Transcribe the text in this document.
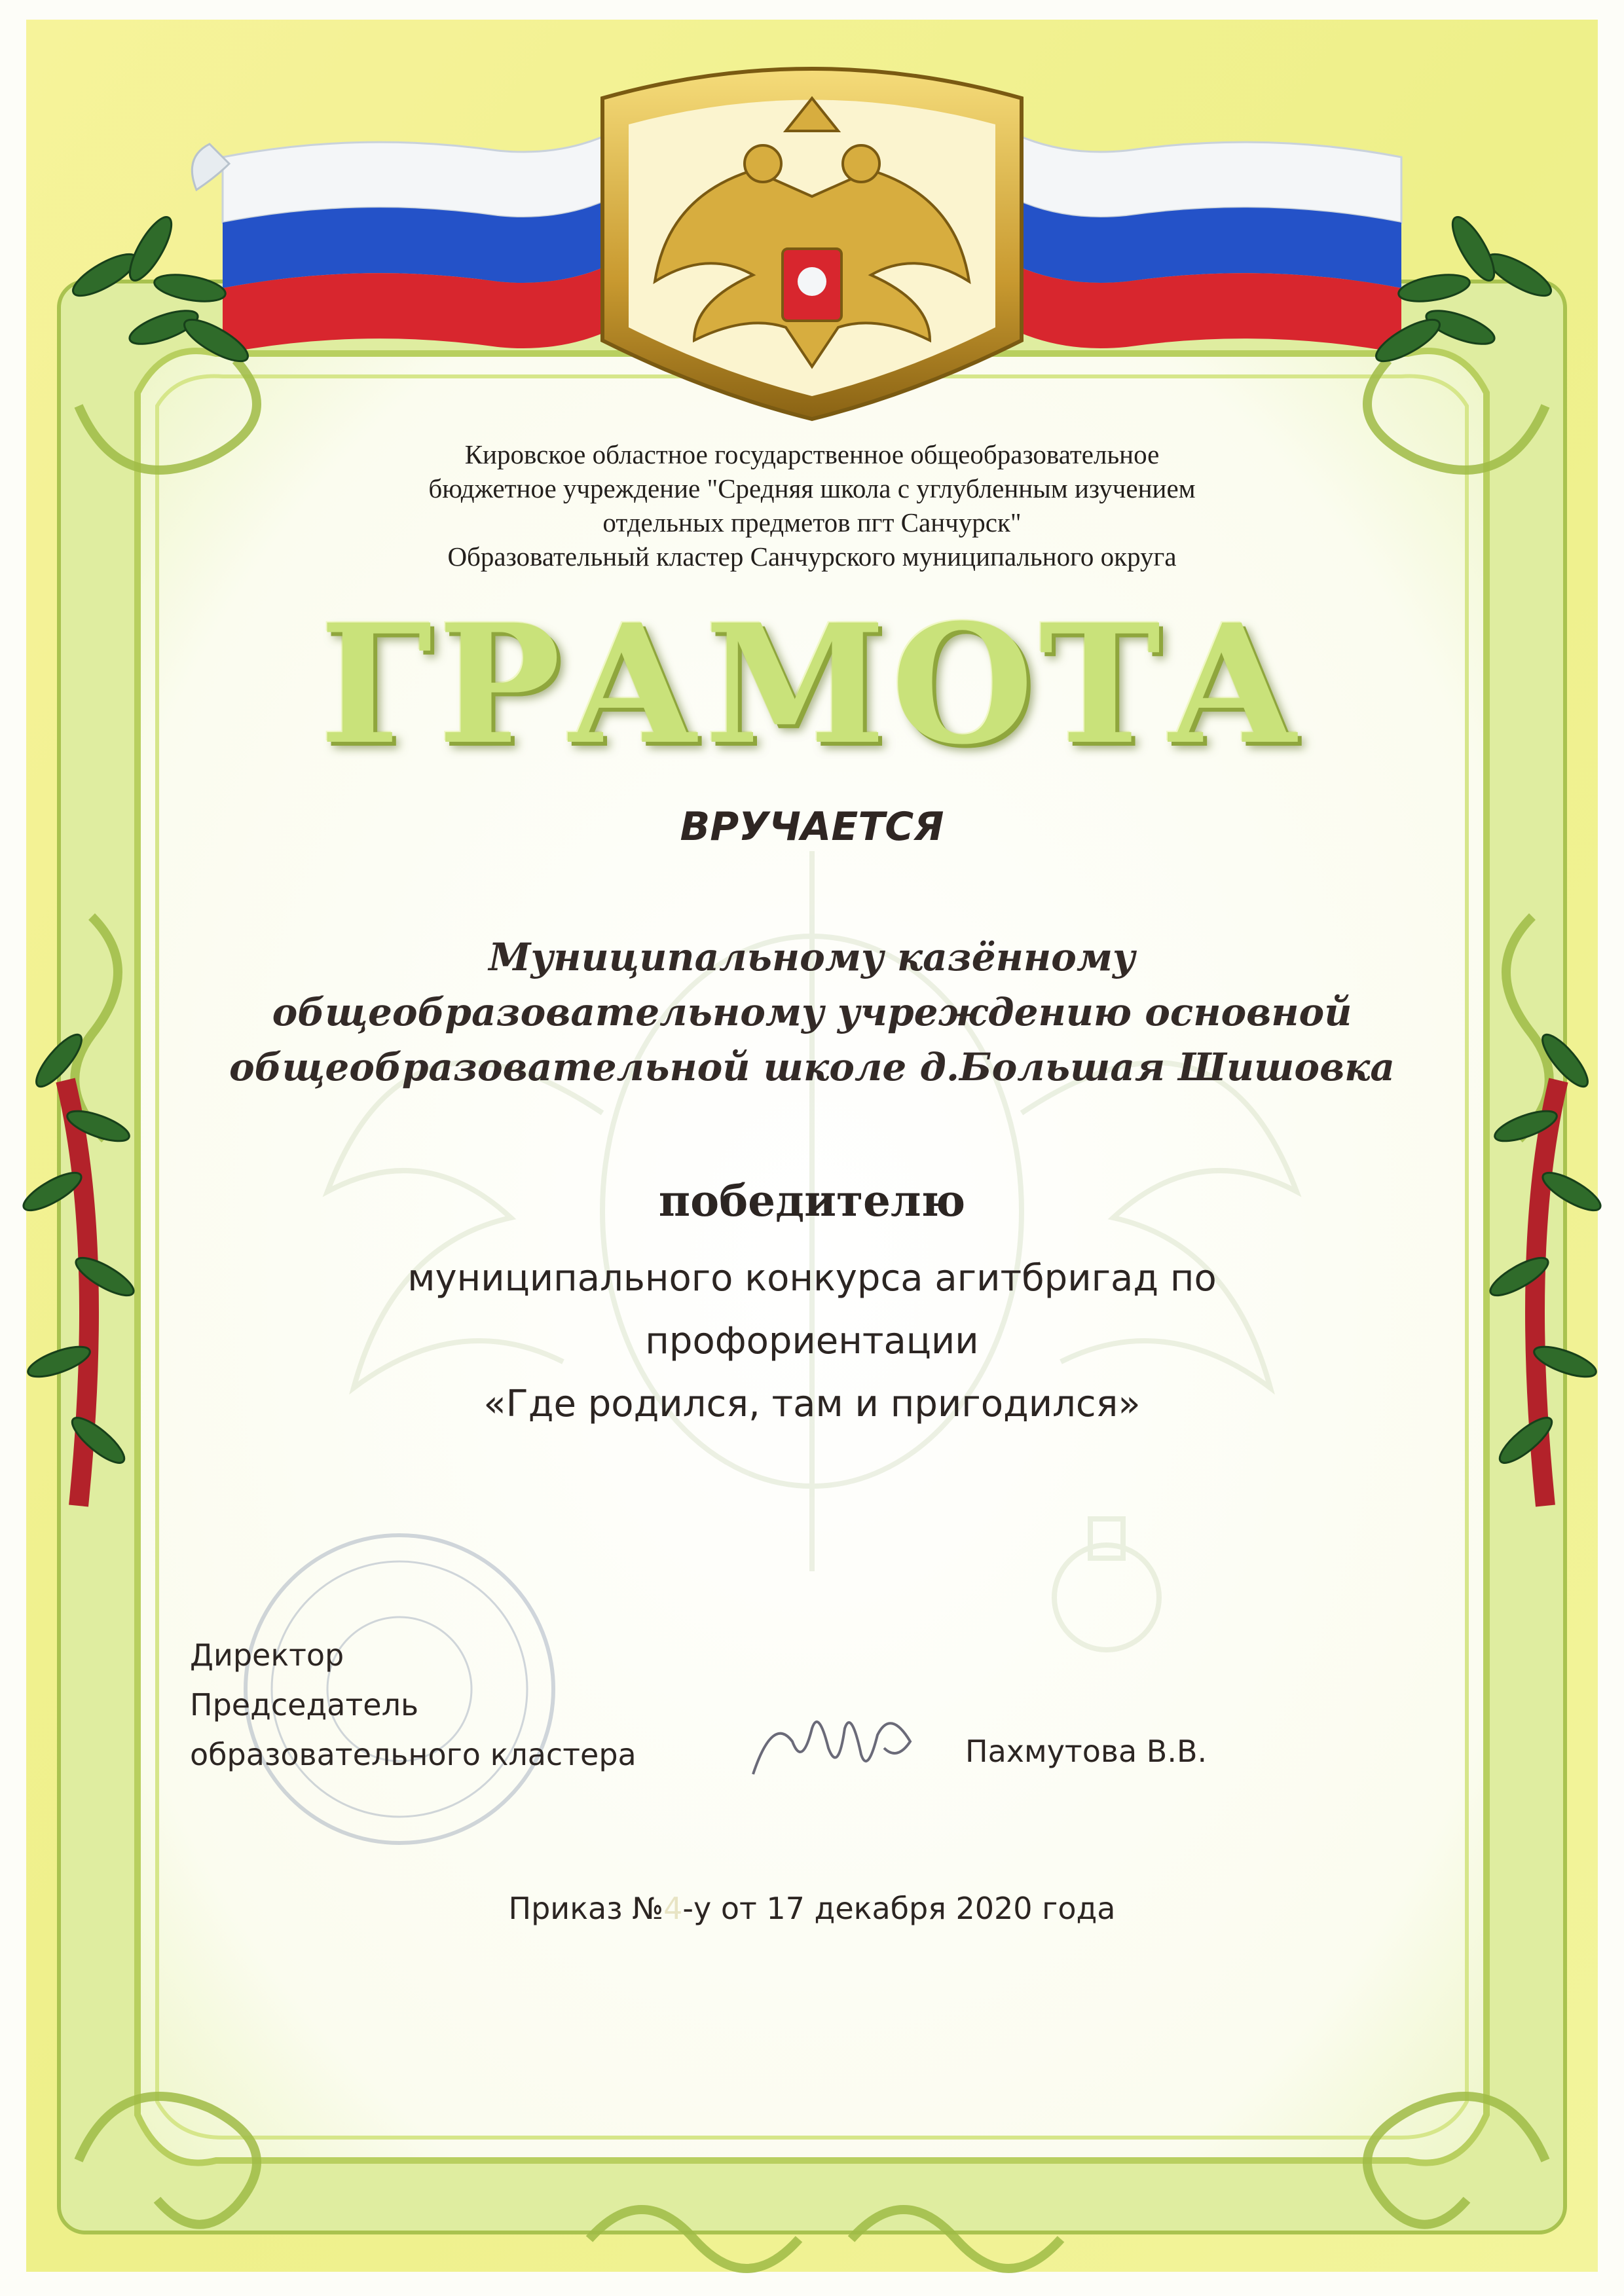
Кировское областное государственное общеобразовательное
бюджетное учреждение "Средняя школа с углубленным изучением
отдельных предметов пгт Санчурск"
Образовательный кластер Санчурского муниципального округа
ГРАМОТА
ВРУЧАЕТСЯ
Муниципальному казённому
общеобразовательному учреждению основной
общеобразовательной школе д.Большая Шишовка
победителю
муниципального конкурса агитбригад по
профориентации
«Где родился, там и пригодился»
Директор
Председатель
образовательного кластера	Пахмутова В.В.
Приказ №4-у от 17 декабря 2020 года
